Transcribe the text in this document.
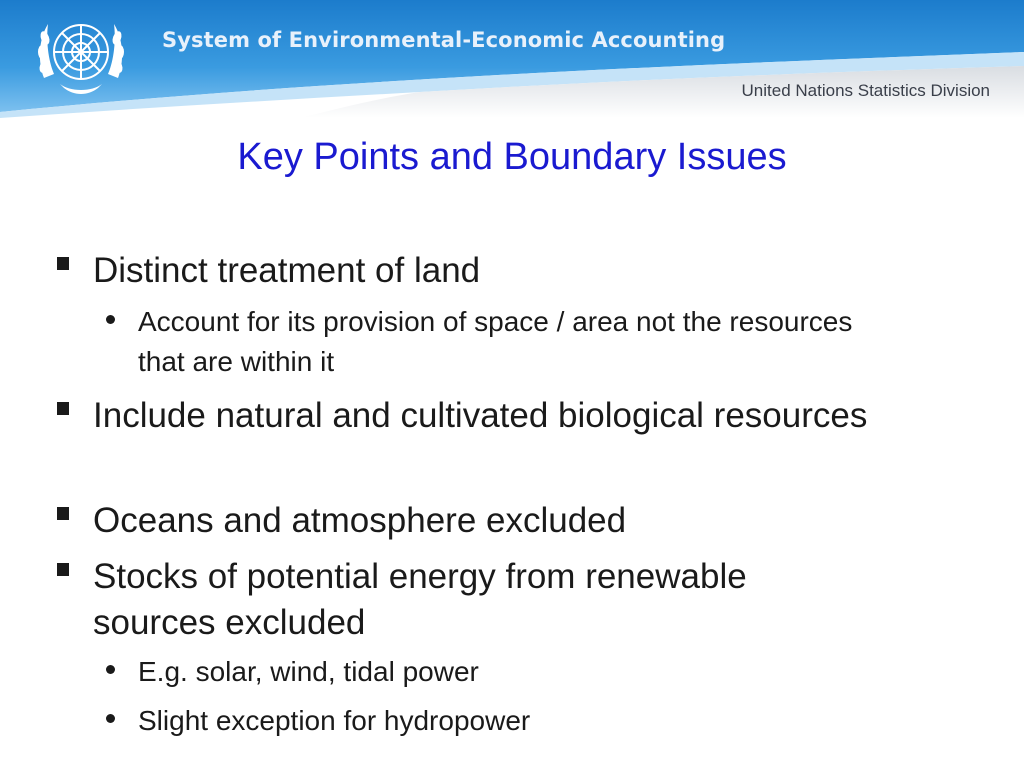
System of Environmental-Economic Accounting
United Nations Statistics Division
Key Points and Boundary Issues
Distinct treatment of land
Account for its provision of space / area not the resources that are within it
Include natural and cultivated biological resources
Oceans and atmosphere excluded
Stocks of potential energy from renewable sources excluded
E.g. solar, wind, tidal power
Slight exception for hydropower
